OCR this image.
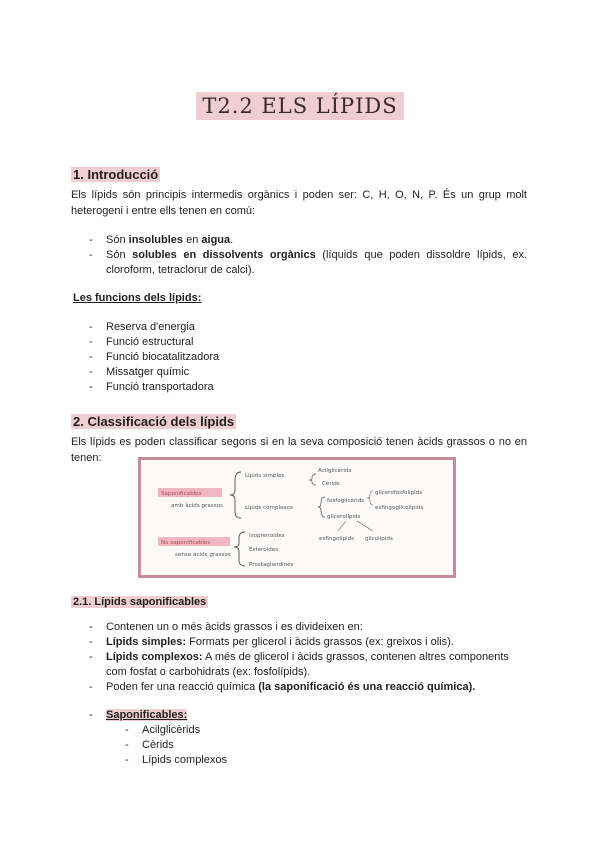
T2.2 ELS LÍPIDS
1. Introducció
Els lípids són principis intermedis orgànics i poden ser: C, H, O, N, P. És un grup molt heterogeni i entre ells tenen en comú:
- Són insolubles en aigua.
- Són solubles en dissolvents orgànics (líquids que poden dissoldre lípids, ex. cloroform, tetraclorur de calci).
Les funcions dels lípids:
- Reserva d'energia
- Funció estructural
- Funció biocatalitzadora
- Missatger químic
- Funció transportadora
2. Classificació dels lípids
Els lípids es poden classificar segons si en la seva composició tenen àcids grassos o no en tenen:
Saponificables
amb àcids grassos
No saponificables
sense àcids grassos
Lípids simples
Acilglicèrids
Cèrids
Lípids complexos
fosfoglicèrids
glicerolípids
glicerofosfolípids
esfingoglicolípids
esfingolípids glicolípids
Isoprenoides
Esteroides
Prostaglandines
2.1. Lípids saponificables
- Contenen un o més àcids grassos i es divideixen en:
- Lípids simples: Formats per glicerol i àcids grassos (ex: greixos i olis).
- Lípids complexos: A més de glicerol i àcids grassos, contenen altres components com fosfat o carbohidrats (ex: fosfolípids).
- Poden fer una reacció química (la saponificació és una reacció química).
- Saponificables:
- Acilglicèrids
- Cèrids
- Lípids complexos
